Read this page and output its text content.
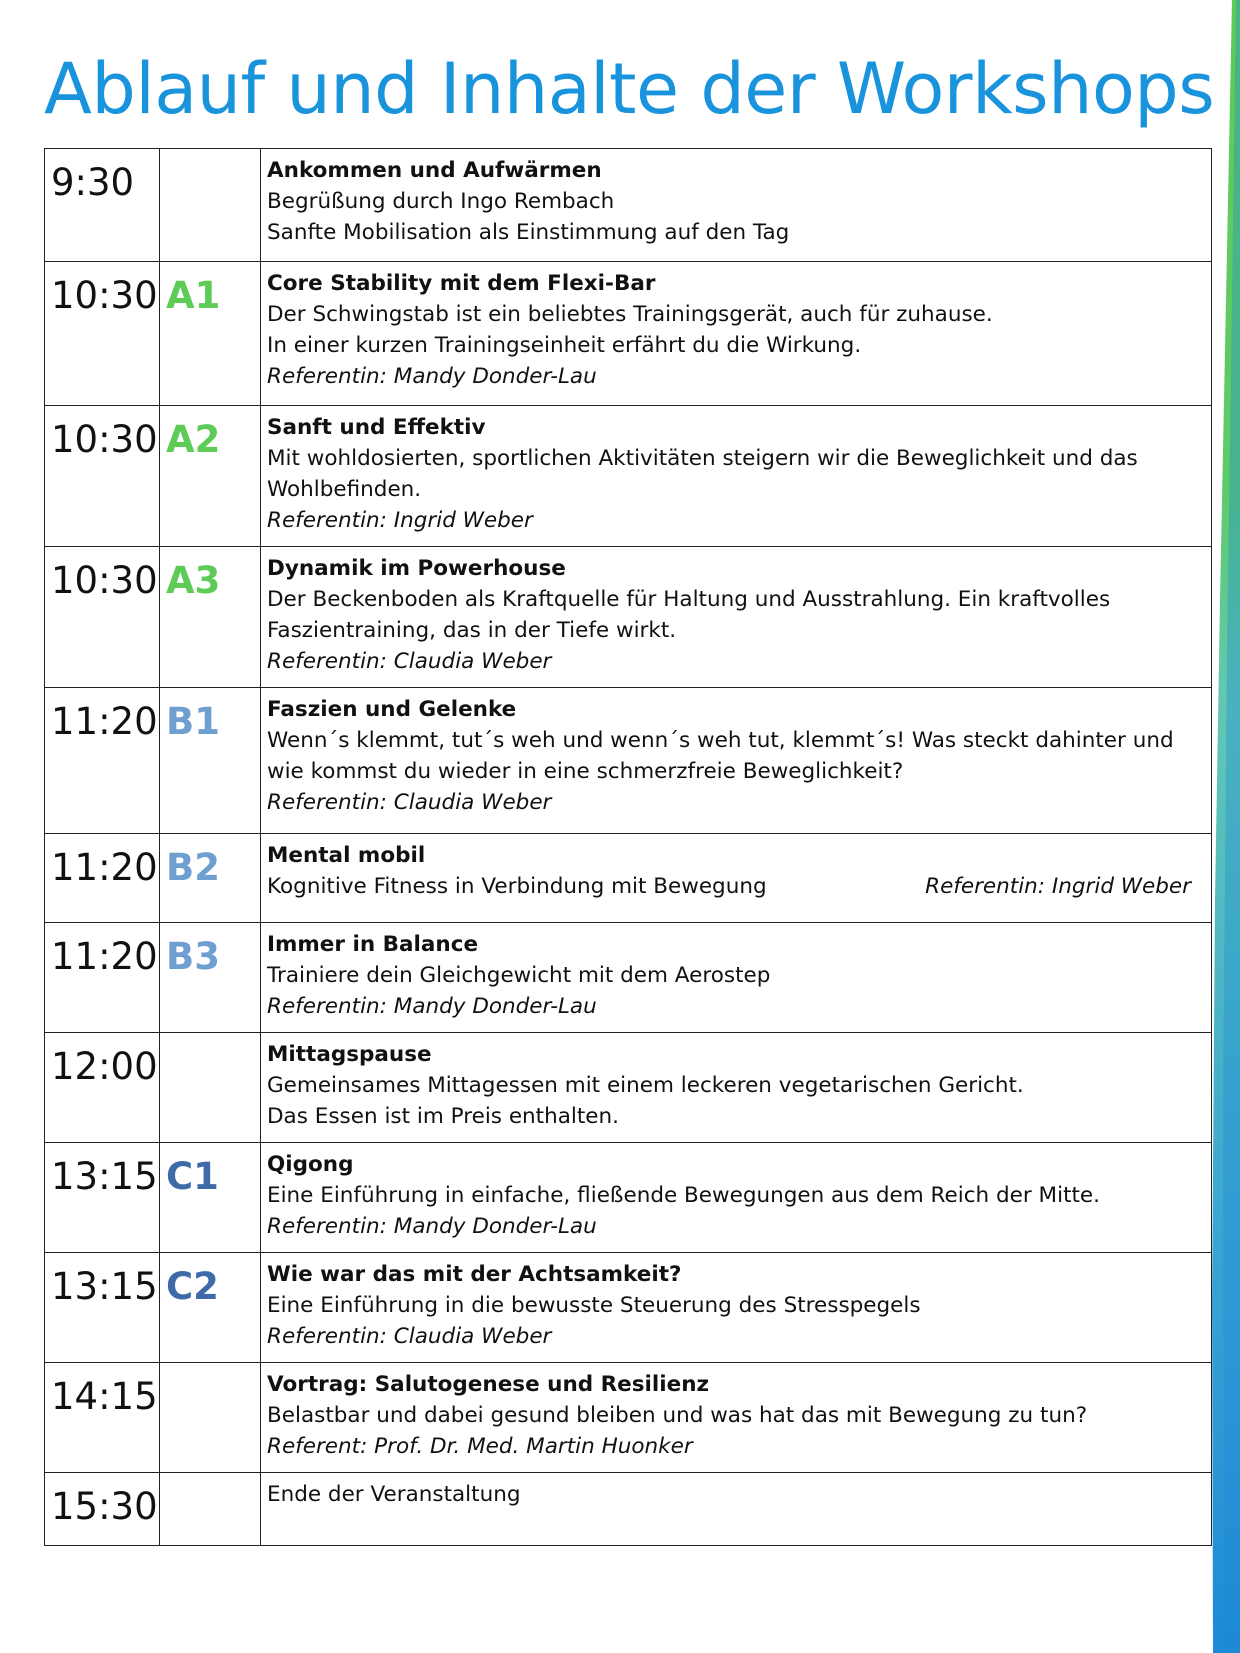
Ablauf und Inhalte der Workshops
9:30		Ankommen und Aufwärmen
Begrüßung durch Ingo Rembach
Sanfte Mobilisation als Einstimmung auf den Tag

10:30	A1	Core Stability mit dem Flexi-Bar
Der Schwingstab ist ein beliebtes Trainingsgerät, auch für zuhause.
In einer kurzen Trainingseinheit erfährt du die Wirkung.
Referentin: Mandy Donder-Lau

10:30	A2	Sanft und Effektiv
Mit wohldosierten, sportlichen Aktivitäten steigern wir die Beweglichkeit und das Wohlbefinden.
Referentin: Ingrid Weber

10:30	A3	Dynamik im Powerhouse
Der Beckenboden als Kraftquelle für Haltung und Ausstrahlung. Ein kraftvolles Faszientraining, das in der Tiefe wirkt.
Referentin: Claudia Weber

11:20	B1	Faszien und Gelenke
Wenn´s klemmt, tut´s weh und wenn´s weh tut, klemmt´s! Was steckt dahinter und wie kommst du wieder in eine schmerzfreie Beweglichkeit?
Referentin: Claudia Weber

11:20	B2	Mental mobil
Kognitive Fitness in Verbindung mit Bewegung Referentin: Ingrid Weber

11:20	B3	Immer in Balance
Trainiere dein Gleichgewicht mit dem Aerostep
Referentin: Mandy Donder-Lau

12:00		Mittagspause
Gemeinsames Mittagessen mit einem leckeren vegetarischen Gericht.
Das Essen ist im Preis enthalten.

13:15	C1	Qigong
Eine Einführung in einfache, fließende Bewegungen aus dem Reich der Mitte.
Referentin: Mandy Donder-Lau

13:15	C2	Wie war das mit der Achtsamkeit?
Eine Einführung in die bewusste Steuerung des Stresspegels
Referentin: Claudia Weber

14:15		Vortrag: Salutogenese und Resilienz
Belastbar und dabei gesund bleiben und was hat das mit Bewegung zu tun?
Referent: Prof. Dr. Med. Martin Huonker

15:30		Ende der Veranstaltung
